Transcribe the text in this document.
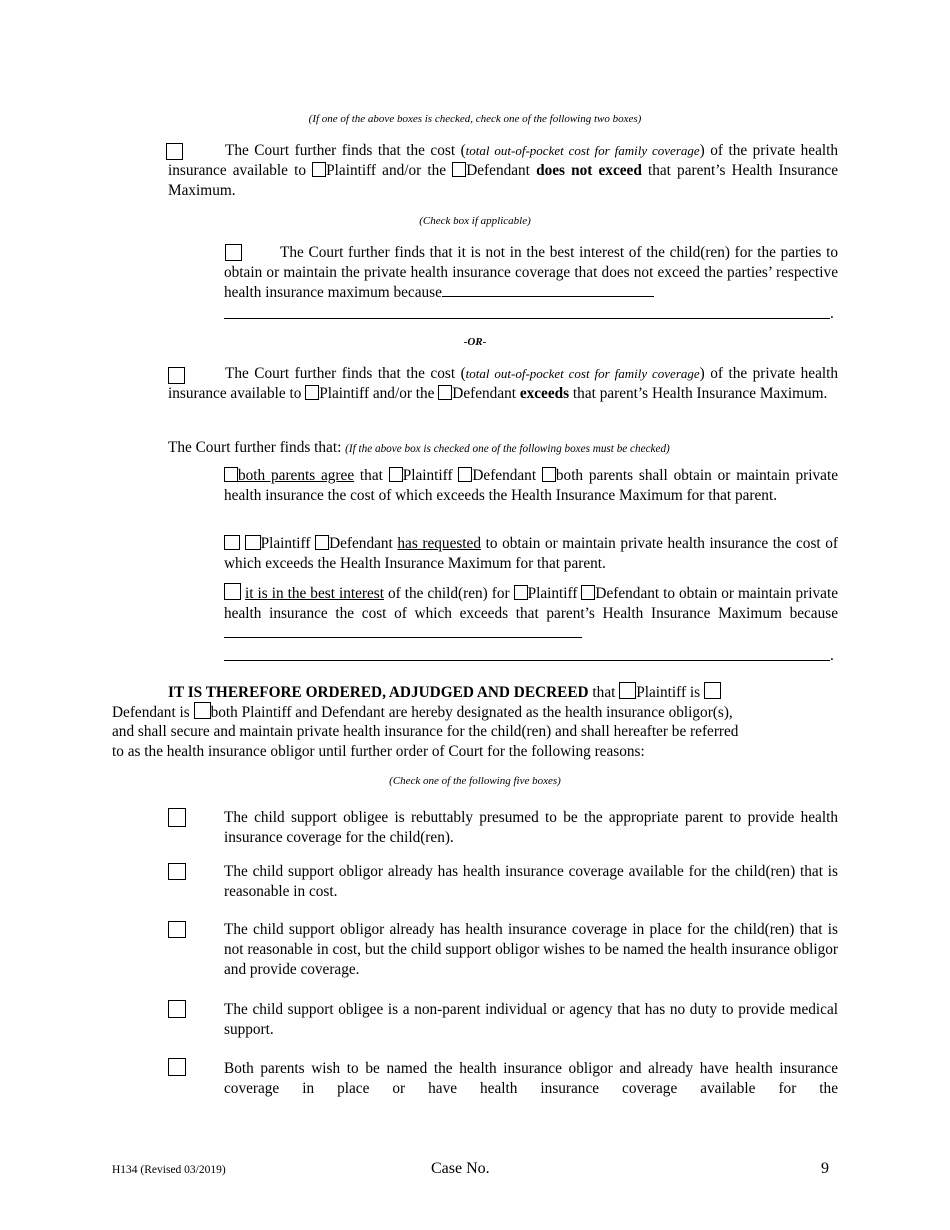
(If one of the above boxes is checked, check one of the following two boxes)
The Court further finds that the cost (total out-of-pocket cost for family coverage) of the private health insurance available to Plaintiff and/or the Defendant does not exceed that parent’s Health Insurance Maximum.
(Check box if applicable)
The Court further finds that it is not in the best interest of the child(ren) for the parties to obtain or maintain the private health insurance coverage that does not exceed the parties’ respective health insurance maximum because
.
-OR-
The Court further finds that the cost (total out-of-pocket cost for family coverage) of the private health insurance available to Plaintiff and/or the Defendant exceeds that parent’s Health Insurance Maximum.
The Court further finds that: (If the above box is checked one of the following boxes must be checked)
both parents agree that Plaintiff Defendant both parents shall obtain or maintain private health insurance the cost of which exceeds the Health Insurance Maximum for that parent.
Plaintiff Defendant has requested to obtain or maintain private health insurance the cost of which exceeds the Health Insurance Maximum for that parent.
it is in the best interest of the child(ren) for Plaintiff Defendant to obtain or maintain private health insurance the cost of which exceeds that parent’s Health Insurance Maximum because
.
IT IS THEREFORE ORDERED, ADJUDGED AND DECREED that Plaintiff is
Defendant is both Plaintiff and Defendant are hereby designated as the health insurance obligor(s),
and shall secure and maintain private health insurance for the child(ren) and shall hereafter be referred
to as the health insurance obligor until further order of Court for the following reasons:
(Check one of the following five boxes)
The child support obligee is rebuttably presumed to be the appropriate parent to provide health insurance coverage for the child(ren).
The child support obligor already has health insurance coverage available for the child(ren) that is reasonable in cost.
The child support obligor already has health insurance coverage in place for the child(ren) that is not reasonable in cost, but the child support obligor wishes to be named the health insurance obligor and provide coverage.
The child support obligee is a non-parent individual or agency that has no duty to provide medical support.
Both parents wish to be named the health insurance obligor and already have health insurance coverage in place or have health insurance coverage available for the
H134 (Revised 03/2019)	Case No.	9
